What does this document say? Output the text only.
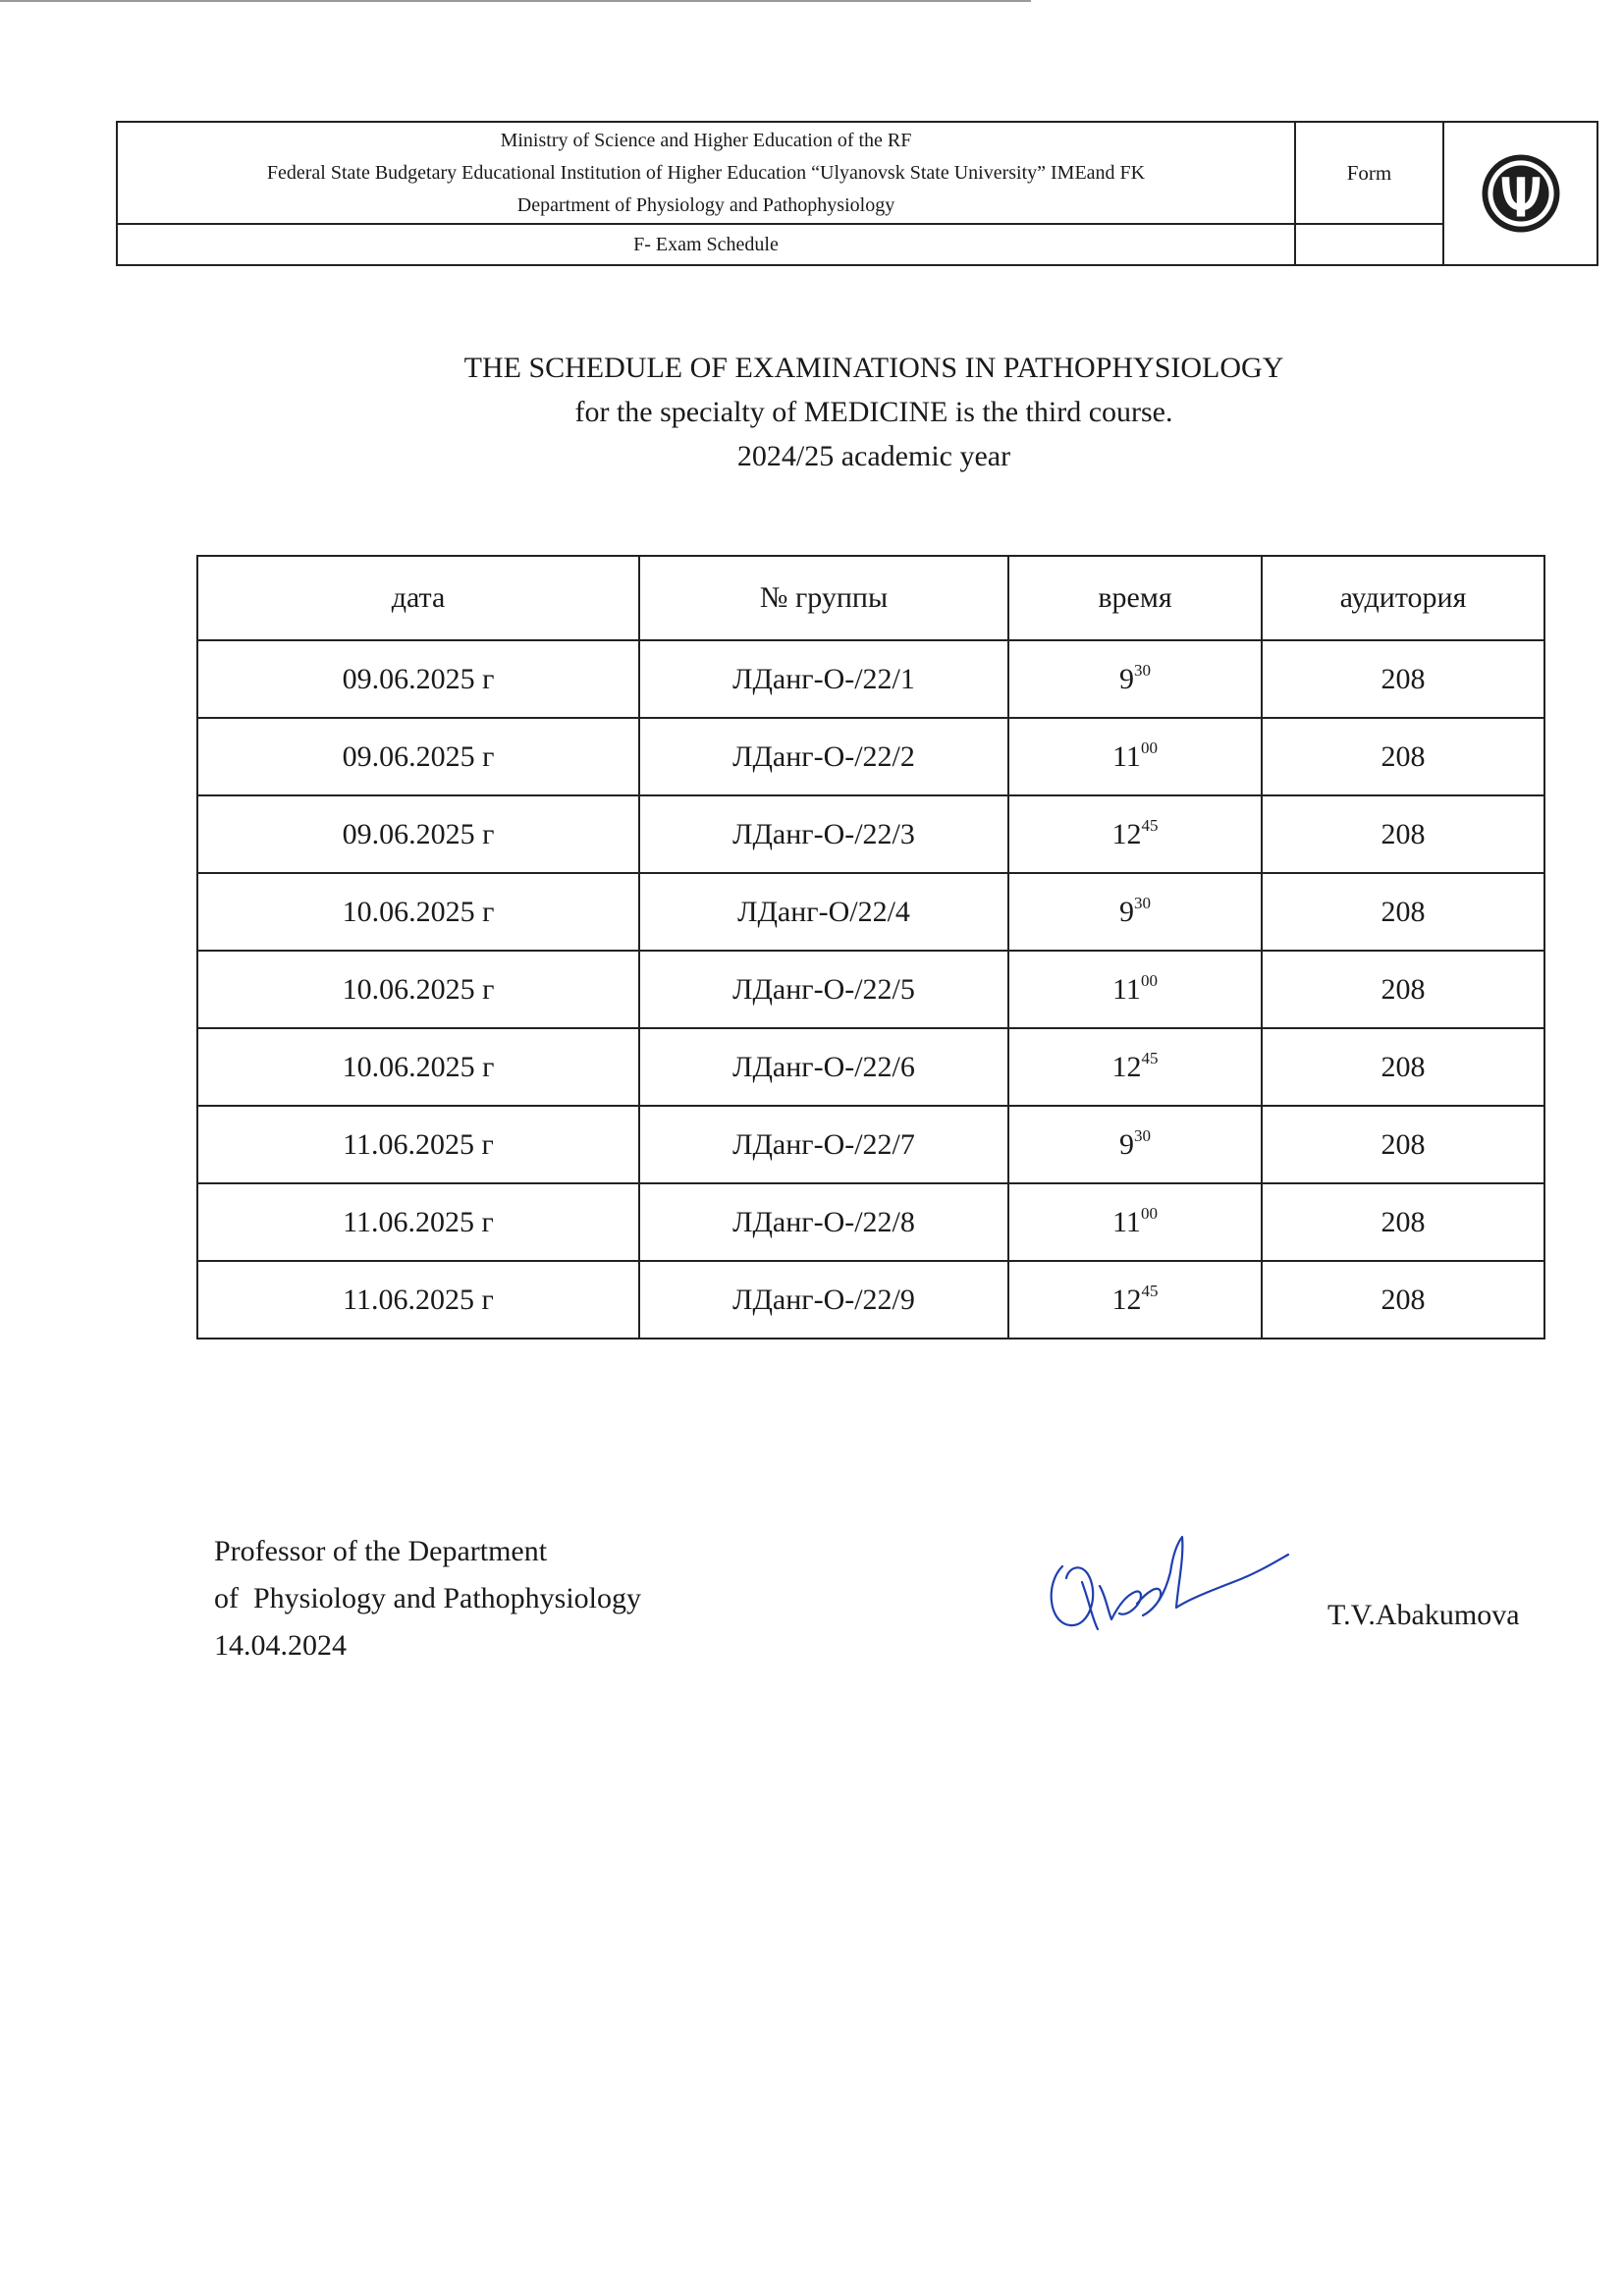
Ministry of Science and Higher Education of the RF
Federal State Budgetary Educational Institution of Higher Education “Ulyanovsk State University” IMEand FK
Department of Physiology and Pathophysiology	Form	

F- Exam Schedule		
THE SCHEDULE OF EXAMINATIONS IN PATHOPHYSIOLOGY
for the specialty of MEDICINE is the third course.
2024/25 academic year
дата	№ группы	время	аудитория
09.06.2025 г	ЛДанг-О-/22/1	$9^{30}$	208
09.06.2025 г	ЛДанг-О-/22/2	$11^{00}$	208
09.06.2025 г	ЛДанг-О-/22/3	$12^{45}$	208
10.06.2025 г	ЛДанг-О/22/4	$9^{30}$	208
10.06.2025 г	ЛДанг-О-/22/5	$11^{00}$	208
10.06.2025 г	ЛДанг-О-/22/6	$12^{45}$	208
11.06.2025 г	ЛДанг-О-/22/7	$9^{30}$	208
11.06.2025 г	ЛДанг-О-/22/8	$11^{00}$	208
11.06.2025 г	ЛДанг-О-/22/9	$12^{45}$	208
Professor of the Department
of  Physiology and Pathophysiology
14.04.2024
T.V.Abakumova
